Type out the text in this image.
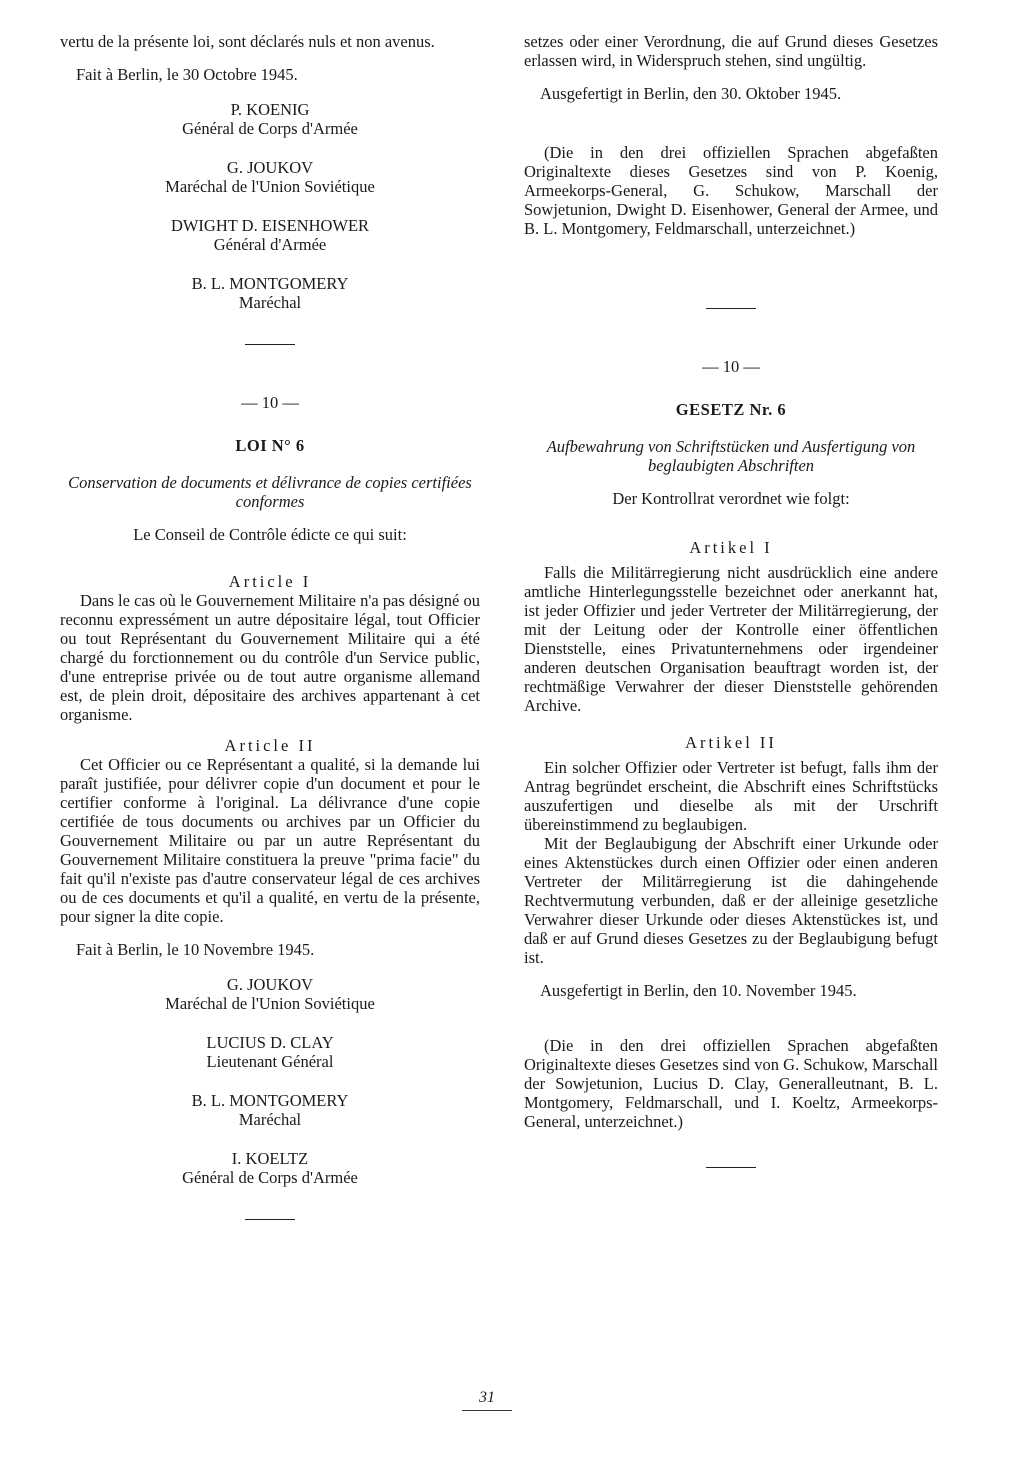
vertu de la présente loi, sont déclarés nuls et non avenus.

Fait à Berlin, le 30 Octobre 1945.

P. KOENIG
Général de Corps d'Armée
G. JOUKOV
Maréchal de l'Union Soviétique
DWIGHT D. EISENHOWER
Général d'Armée
B. L. MONTGOMERY
Maréchal
— 10 —
LOI N° 6
Conservation de documents et délivrance de copies certifiées conformes

Le Conseil de Contrôle édicte ce qui suit:

Article I

Dans le cas où le Gouvernement Militaire n'a pas désigné ou reconnu expressément un autre dépositaire légal, tout Officier ou tout Représentant du Gouvernement Militaire qui a été chargé du forctionnement ou du contrôle d'un Service public, d'une entreprise privée ou de tout autre organisme allemand est, de plein droit, dépositaire des archives appartenant à cet organisme.

Article II

Cet Officier ou ce Représentant a qualité, si la demande lui paraît justifiée, pour délivrer copie d'un document et pour le certifier conforme à l'original. La délivrance d'une copie certifiée de tous documents ou archives par un Officier du Gouvernement Militaire ou par un autre Représentant du Gouvernement Militaire constituera la preuve "prima facie" du fait qu'il n'existe pas d'autre conservateur légal de ces archives ou de ces documents et qu'il a qualité, en vertu de la présente, pour signer la dite copie.

Fait à Berlin, le 10 Novembre 1945.

G. JOUKOV
Maréchal de l'Union Soviétique
LUCIUS D. CLAY
Lieutenant Général
B. L. MONTGOMERY
Maréchal
I. KOELTZ
Général de Corps d'Armée

setzes oder einer Verordnung, die auf Grund dieses Gesetzes erlassen wird, in Widerspruch stehen, sind ungültig.

Ausgefertigt in Berlin, den 30. Oktober 1945.

(Die in den drei offiziellen Sprachen abgefaßten Originaltexte dieses Gesetzes sind von P. Koenig, Armeekorps-General, G. Schukow, Marschall der Sowjetunion, Dwight D. Eisenhower, General der Armee, und B. L. Montgomery, Feldmarschall, unterzeichnet.)

— 10 —
GESETZ Nr. 6
Aufbewahrung von Schriftstücken und Ausfertigung von beglaubigten Abschriften

Der Kontrollrat verordnet wie folgt:

Artikel I

Falls die Militärregierung nicht ausdrücklich eine andere amtliche Hinterlegungsstelle bezeichnet oder anerkannt hat, ist jeder Offizier und jeder Vertreter der Militärregierung, der mit der Leitung oder der Kontrolle einer öffentlichen Dienststelle, eines Privatunternehmens oder irgendeiner anderen deutschen Organisation beauftragt worden ist, der rechtmäßige Verwahrer der dieser Dienststelle gehörenden Archive.

Artikel II

Ein solcher Offizier oder Vertreter ist befugt, falls ihm der Antrag begründet erscheint, die Abschrift eines Schriftstücks auszufertigen und dieselbe als mit der Urschrift übereinstimmend zu beglaubigen.

Mit der Beglaubigung der Abschrift einer Urkunde oder eines Aktenstückes durch einen Offizier oder einen anderen Vertreter der Militärregierung ist die dahingehende Rechtvermutung verbunden, daß er der alleinige gesetzliche Verwahrer dieser Urkunde oder dieses Aktenstückes ist, und daß er auf Grund dieses Gesetzes zu der Beglaubigung befugt ist.

Ausgefertigt in Berlin, den 10. November 1945.

(Die in den drei offiziellen Sprachen abgefaßten Originaltexte dieses Gesetzes sind von G. Schukow, Marschall der Sowjetunion, Lucius D. Clay, Generalleutnant, B. L. Montgomery, Feldmarschall, und I. Koeltz, Armeekorps-General, unterzeichnet.)

31
